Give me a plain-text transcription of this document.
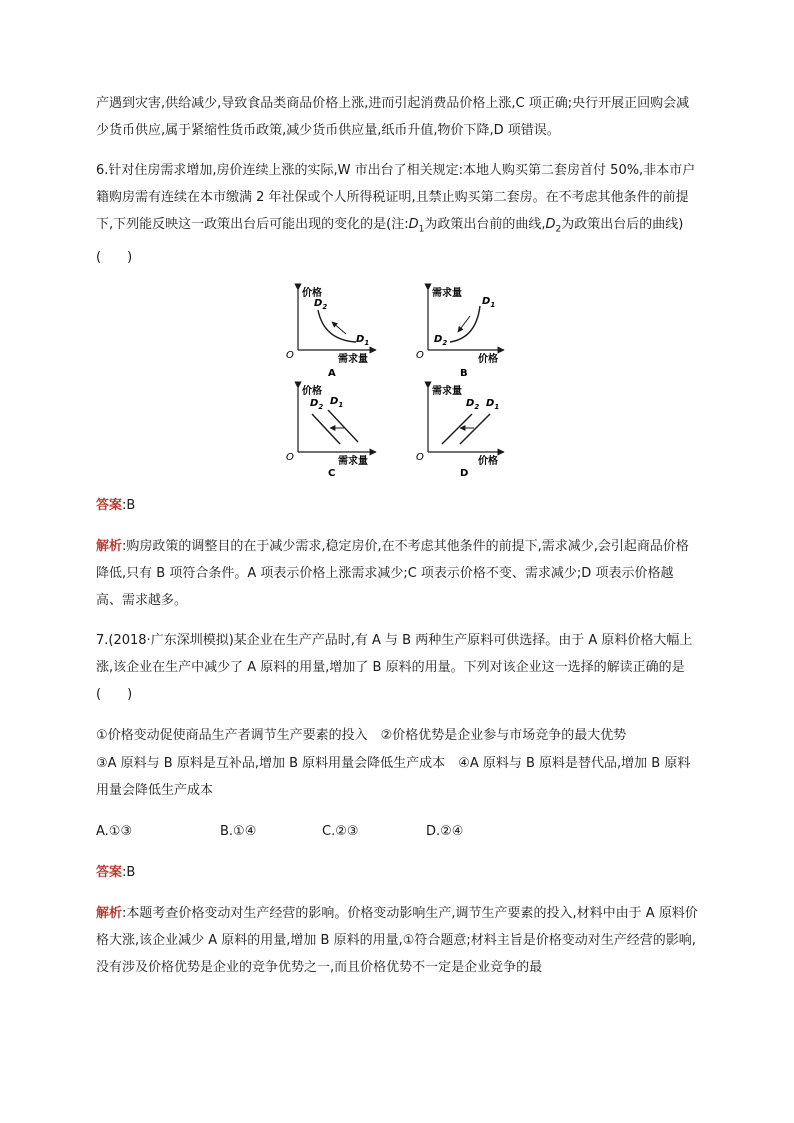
产遇到灾害,供给减少,导致食品类商品价格上涨,进而引起消费品价格上涨,C 项正确;央行开展正回购会减少货币供应,属于紧缩性货币政策,减少货币供应量,纸币升值,物价下降,D 项错误。

6.针对住房需求增加,房价连续上涨的实际,W 市出台了相关规定:本地人购买第二套房首付 50%,非本市户籍购房需有连续在本市缴满 2 年社保或个人所得税证明,且禁止购买第二套房。在不考虑其他条件的前提下,下列能反映这一政策出台后可能出现的变化的是(注$:D_1$为政策出台前的曲线$,D_2$为政策出台后的曲线)(　　)

价格
需求量
O
$D_2$
$D_1$
A
需求量
价格
O
$D_1$
$D_2$
B
价格
需求量
O
$D_2$ $D_1$
C
需求量
价格
O
$D_2$ $D_1$
D

答案:B

解析:购房政策的调整目的在于减少需求,稳定房价,在不考虑其他条件的前提下,需求减少,会引起商品价格降低,只有 B 项符合条件。A 项表示价格上涨需求减少;C 项表示价格不变、需求减少;D 项表示价格越高、需求越多。

7.(2018·广东深圳模拟)某企业在生产产品时,有 A 与 B 两种生产原料可供选择。由于 A 原料价格大幅上涨,该企业在生产中减少了 A 原料的用量,增加了 B 原料的用量。下列对该企业这一选择的解读正确的是(　　)

①价格变动促使商品生产者调节生产要素的投入　②价格优势是企业参与市场竞争的最大优势

③A 原料与 B 原料是互补品,增加 B 原料用量会降低生产成本　④A 原料与 B 原料是替代品,增加 B 原料用量会降低生产成本

A.①③	B.①④	C.②③	D.②④

答案:B

解析:本题考查价格变动对生产经营的影响。价格变动影响生产,调节生产要素的投入,材料中由于 A 原料价格大涨,该企业减少 A 原料的用量,增加 B 原料的用量,①符合题意;材料主旨是价格变动对生产经营的影响,没有涉及价格优势是企业的竞争优势之一,而且价格优势不一定是企业竞争的最
